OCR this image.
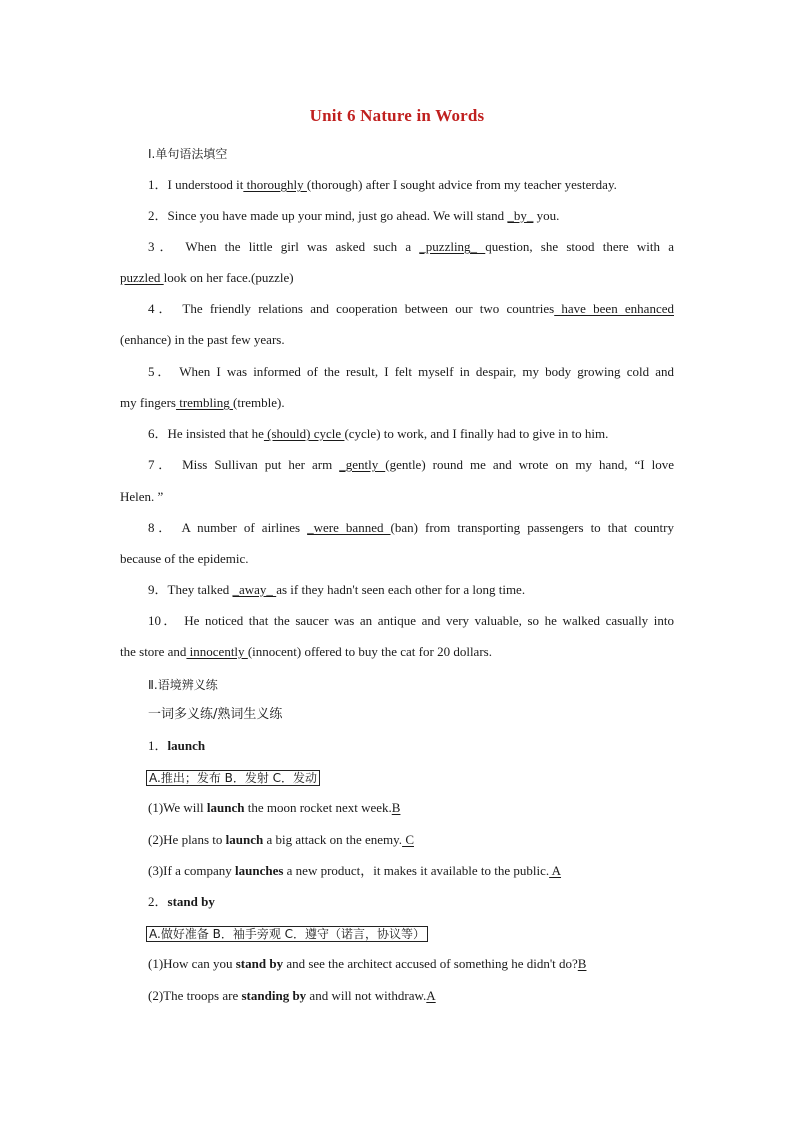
Unit 6 Nature in Words
Ⅰ.单句语法填空
1．I understood it thoroughly (thorough) after I sought advice from my teacher yesterday.
2．Since you have made up your mind, just go ahead. We will stand _by_ you.
3． When the little girl was asked such a _puzzling_ question, she stood there with a
puzzled look on her face.(puzzle)
4． The friendly relations and cooperation between our two countries have been enhanced
(enhance) in the past few years.
5． When I was informed of the result, I felt myself in despair, my body growing cold and
my fingers trembling (tremble).
6．He insisted that he (should) cycle (cycle) to work, and I finally had to give in to him.
7． Miss Sullivan put her arm _gently (gentle) round me and wrote on my hand, “I love
Helen. ”
8． A number of airlines _were banned (ban) from transporting passengers to that country
because of the epidemic.
9．They talked _away_ as if they hadn't seen each other for a long time.
10． He noticed that the saucer was an antique and very valuable, so he walked casually into
the store and innocently (innocent) offered to buy the cat for 20 dollars.
Ⅱ.语境辨义练
一词多义练/熟词生义练
1．launch
A.推出；发布 B．发射 C．发动
(1)We will launch the moon rocket next week.B
(2)He plans to launch a big attack on the enemy. C
(3)If a company launches a new product，it makes it available to the public. A
2．stand by
A.做好准备 B．袖手旁观 C．遵守（诺言，协议等）
(1)How can you stand by and see the architect accused of something he didn't do?B
(2)The troops are standing by and will not withdraw.A
